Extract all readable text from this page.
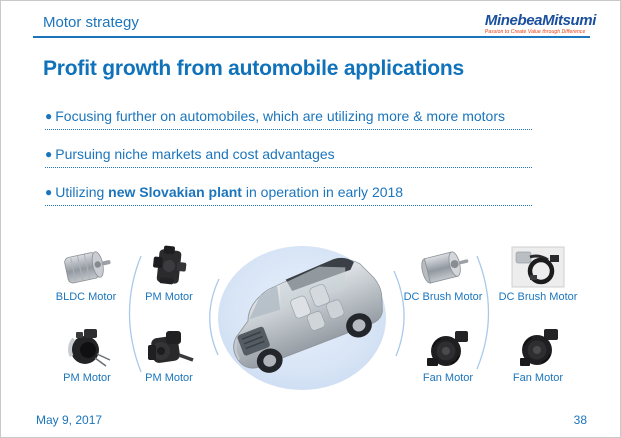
Motor strategy	MinebeaMitsumi
Passion to Create Value through Difference
Profit growth from automobile applications
● Focusing further on automobiles, which are utilizing more & more motors
● Pursuing niche markets and cost advantages
● Utilizing new Slovakian plant in operation in early 2018
BLDC Motor	PM Motor
PM Motor	PM Motor
DC Brush Motor	DC Brush Motor
Fan Motor	Fan Motor
May 9, 2017	38
